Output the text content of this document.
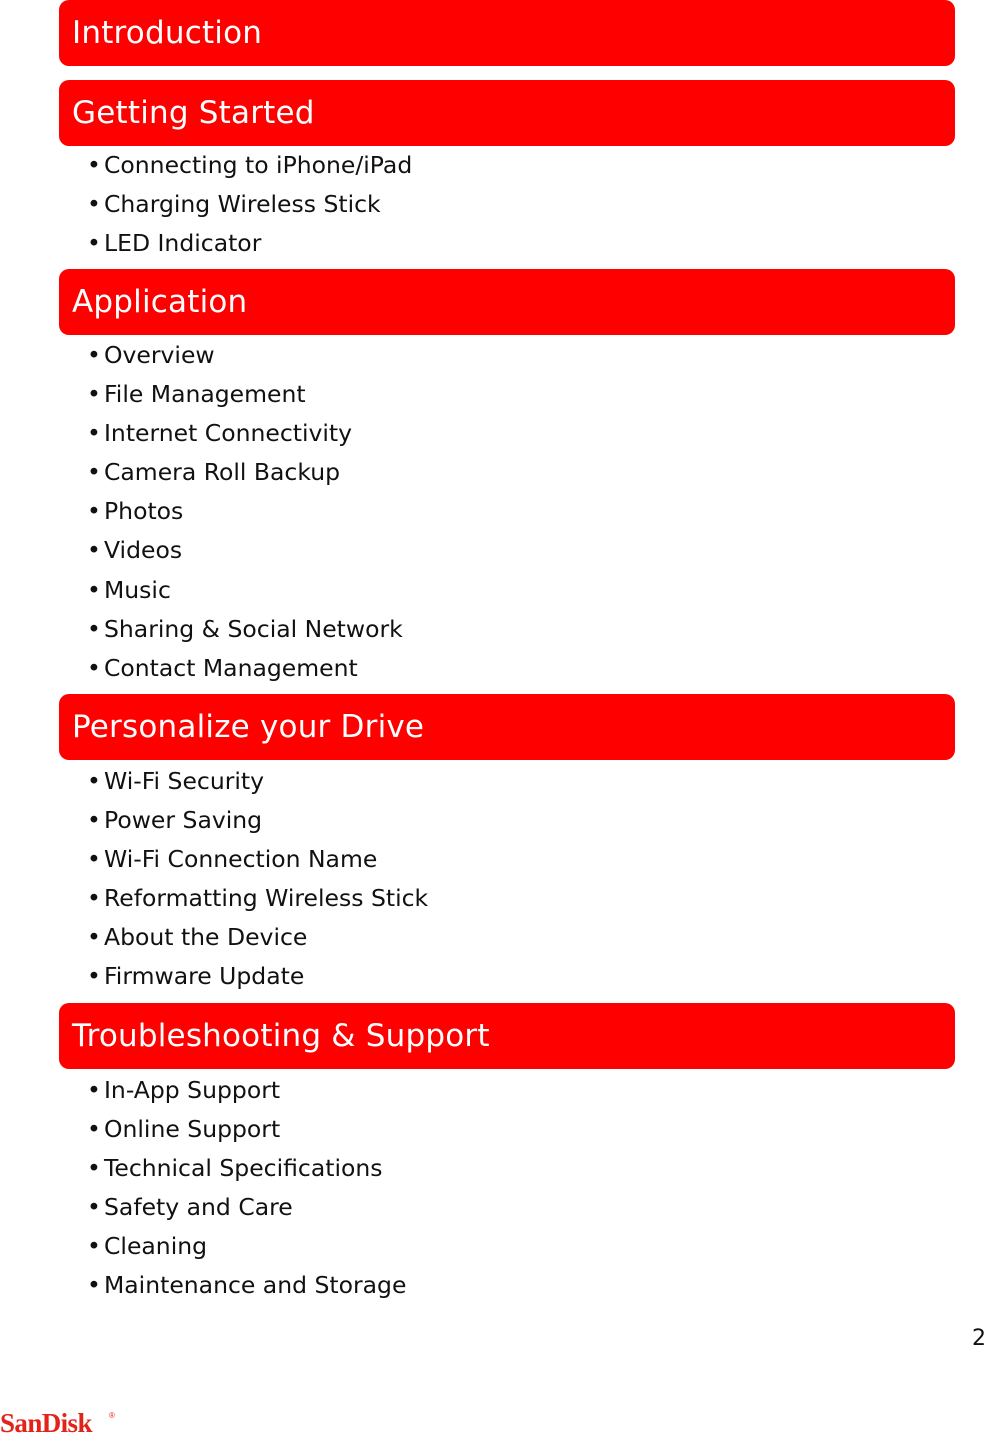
Introduction
Getting Started
• Connecting to iPhone/iPad
• Charging Wireless Stick
• LED Indicator
Application
• Overview
• File Management
• Internet Connectivity
• Camera Roll Backup
• Photos
• Videos
• Music
• Sharing & Social Network
• Contact Management
Personalize your Drive
• Wi-Fi Security
• Power Saving
• Wi-Fi Connection Name
• Reformatting Wireless Stick
• About the Device
• Firmware Update
Troubleshooting & Support
• In-App Support
• Online Support
• Technical Specifications
• Safety and Care
• Cleaning
• Maintenance and Storage
2
SanDisk ®
